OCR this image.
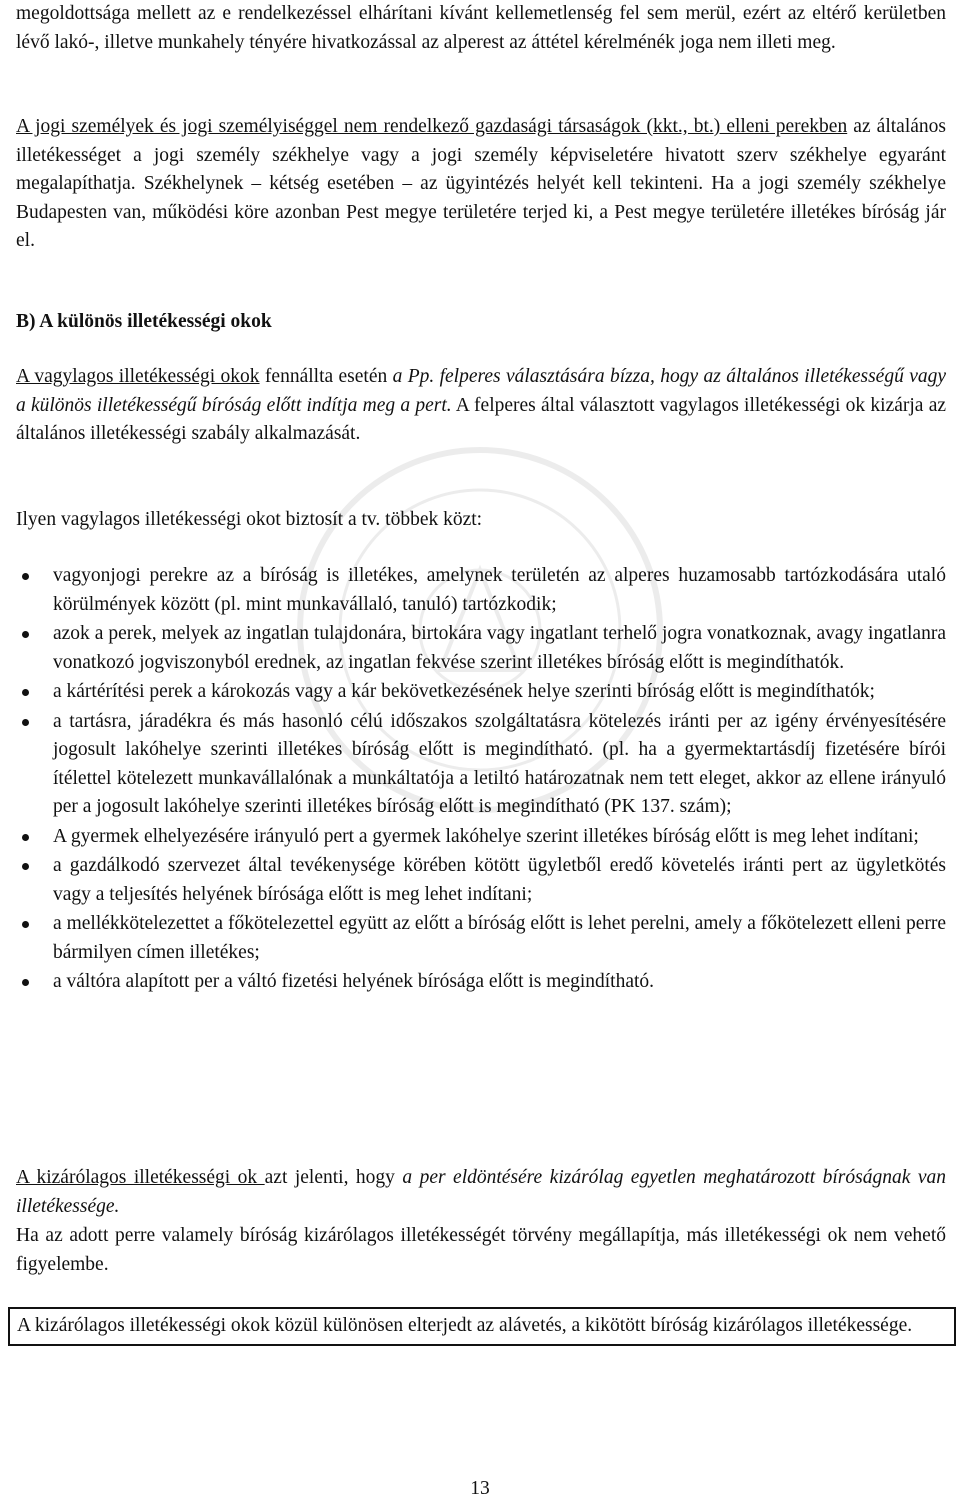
megoldottsága mellett az e rendelkezéssel elhárítani kívánt kellemetlenség fel sem merül, ezért az eltérő kerületben lévő lakó-, illetve munkahely tényére hivatkozással az alperest az áttétel kérelménék joga nem illeti meg.

A jogi személyek és jogi személyiséggel nem rendelkező gazdasági társaságok (kkt., bt.) elleni perekben az általános illetékességet a jogi személy székhelye vagy a jogi személy képviseletére hivatott szerv székhelye egyaránt megalapíthatja. Székhelynek – kétség esetében – az ügyintézés helyét kell tekinteni. Ha a jogi személy székhelye Budapesten van, működési köre azonban Pest megye területére terjed ki, a Pest megye területére illetékes bíróság jár el.

B) A különös illetékességi okok

A vagylagos illetékességi okok fennállta esetén a Pp. felperes választására bízza, hogy az általános illetékességű vagy a különös illetékességű bíróság előtt indítja meg a pert. A felperes által választott vagylagos illetékességi ok kizárja az általános illetékességi szabály alkalmazását.

Ilyen vagylagos illetékességi okot biztosít a tv. többek közt:

vagyonjogi perekre az a bíróság is illetékes, amelynek területén az alperes huzamosabb tartózkodására utaló körülmények között (pl. mint munkavállaló, tanuló) tartózkodik;
azok a perek, melyek az ingatlan tulajdonára, birtokára vagy ingatlant terhelő jogra vonatkoznak, avagy ingatlanra vonatkozó jogviszonyból erednek, az ingatlan fekvése szerint illetékes bíróság előtt is megindíthatók.
a kártérítési perek a károkozás vagy a kár bekövetkezésének helye szerinti bíróság előtt is megindíthatók;
a tartásra, járadékra és más hasonló célú időszakos szolgáltatásra kötelezés iránti per az igény érvényesítésére jogosult lakóhelye szerinti illetékes bíróság előtt is megindítható. (pl. ha a gyermektartásdíj fizetésére bírói ítélettel kötelezett munkavállalónak a munkáltatója a letiltó határozatnak nem tett eleget, akkor az ellene irányuló per a jogosult lakóhelye szerinti illetékes bíróság előtt is megindítható (PK 137. szám);
A gyermek elhelyezésére irányuló pert a gyermek lakóhelye szerint illetékes bíróság előtt is meg lehet indítani;
a gazdálkodó szervezet által tevékenysége körében kötött ügyletből eredő követelés iránti pert az ügyletkötés vagy a teljesítés helyének bírósága előtt is meg lehet indítani;
a mellékkötelezettet a főkötelezettel együtt az előtt a bíróság előtt is lehet perelni, amely a főkötelezett elleni perre bármilyen címen illetékes;
a váltóra alapított per a váltó fizetési helyének bírósága előtt is megindítható.

A kizárólagos illetékességi ok azt jelenti, hogy a per eldöntésére kizárólag egyetlen meghatározott bíróságnak van illetékessége.

Ha az adott perre valamely bíróság kizárólagos illetékességét törvény megállapítja, más illetékességi ok nem vehető figyelembe.

A kizárólagos illetékességi okok közül különösen elterjedt az alávetés, a kikötött bíróság kizárólagos illetékessége.

13
